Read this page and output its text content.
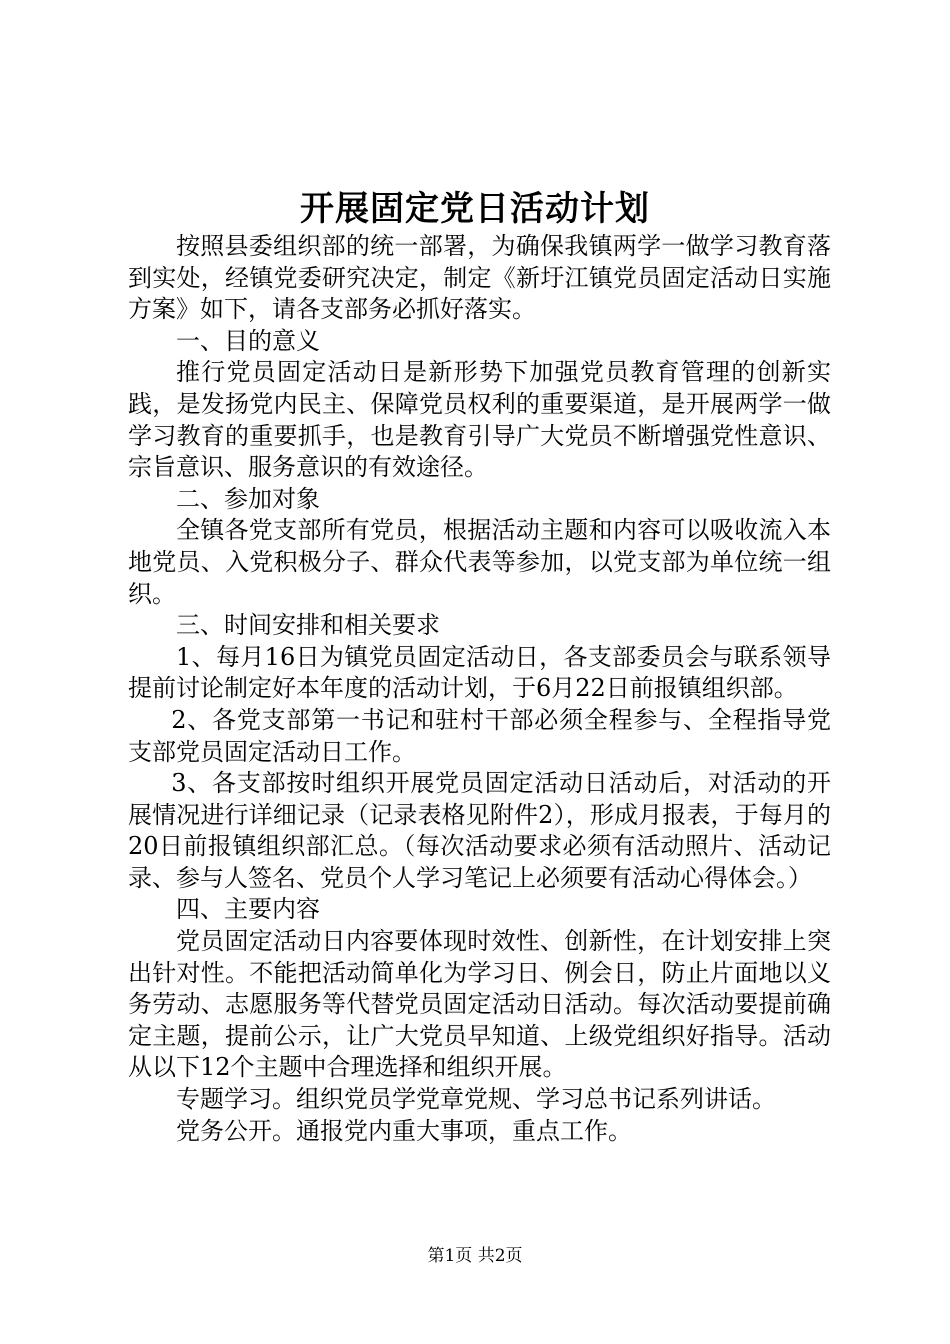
开展固定党日活动计划

按照县委组织部的统一部署，为确保我镇两学一做学习教育落到实处，经镇党委研究决定，制定《新圩江镇党员固定活动日实施方案》如下，请各支部务必抓好落实。

一、目的意义

推行党员固定活动日是新形势下加强党员教育管理的创新实践，是发扬党内民主、保障党员权利的重要渠道，是开展两学一做学习教育的重要抓手，也是教育引导广大党员不断增强党性意识、宗旨意识、服务意识的有效途径。

二、参加对象

全镇各党支部所有党员，根据活动主题和内容可以吸收流入本地党员、入党积极分子、群众代表等参加，以党支部为单位统一组织。

三、时间安排和相关要求

1、每月16日为镇党员固定活动日，各支部委员会与联系领导提前讨论制定好本年度的活动计划，于6月22日前报镇组织部。

2、各党支部第一书记和驻村干部必须全程参与、全程指导党支部党员固定活动日工作。

3、各支部按时组织开展党员固定活动日活动后，对活动的开展情况进行详细记录（记录表格见附件2），形成月报表，于每月的20日前报镇组织部汇总。（每次活动要求必须有活动照片、活动记录、参与人签名、党员个人学习笔记上必须要有活动心得体会。）

四、主要内容

党员固定活动日内容要体现时效性、创新性，在计划安排上突出针对性。不能把活动简单化为学习日、例会日，防止片面地以义务劳动、志愿服务等代替党员固定活动日活动。每次活动要提前确定主题，提前公示，让广大党员早知道、上级党组织好指导。活动从以下12个主题中合理选择和组织开展。

专题学习。组织党员学党章党规、学习总书记系列讲话。

党务公开。通报党内重大事项，重点工作。

第1页 共2页
